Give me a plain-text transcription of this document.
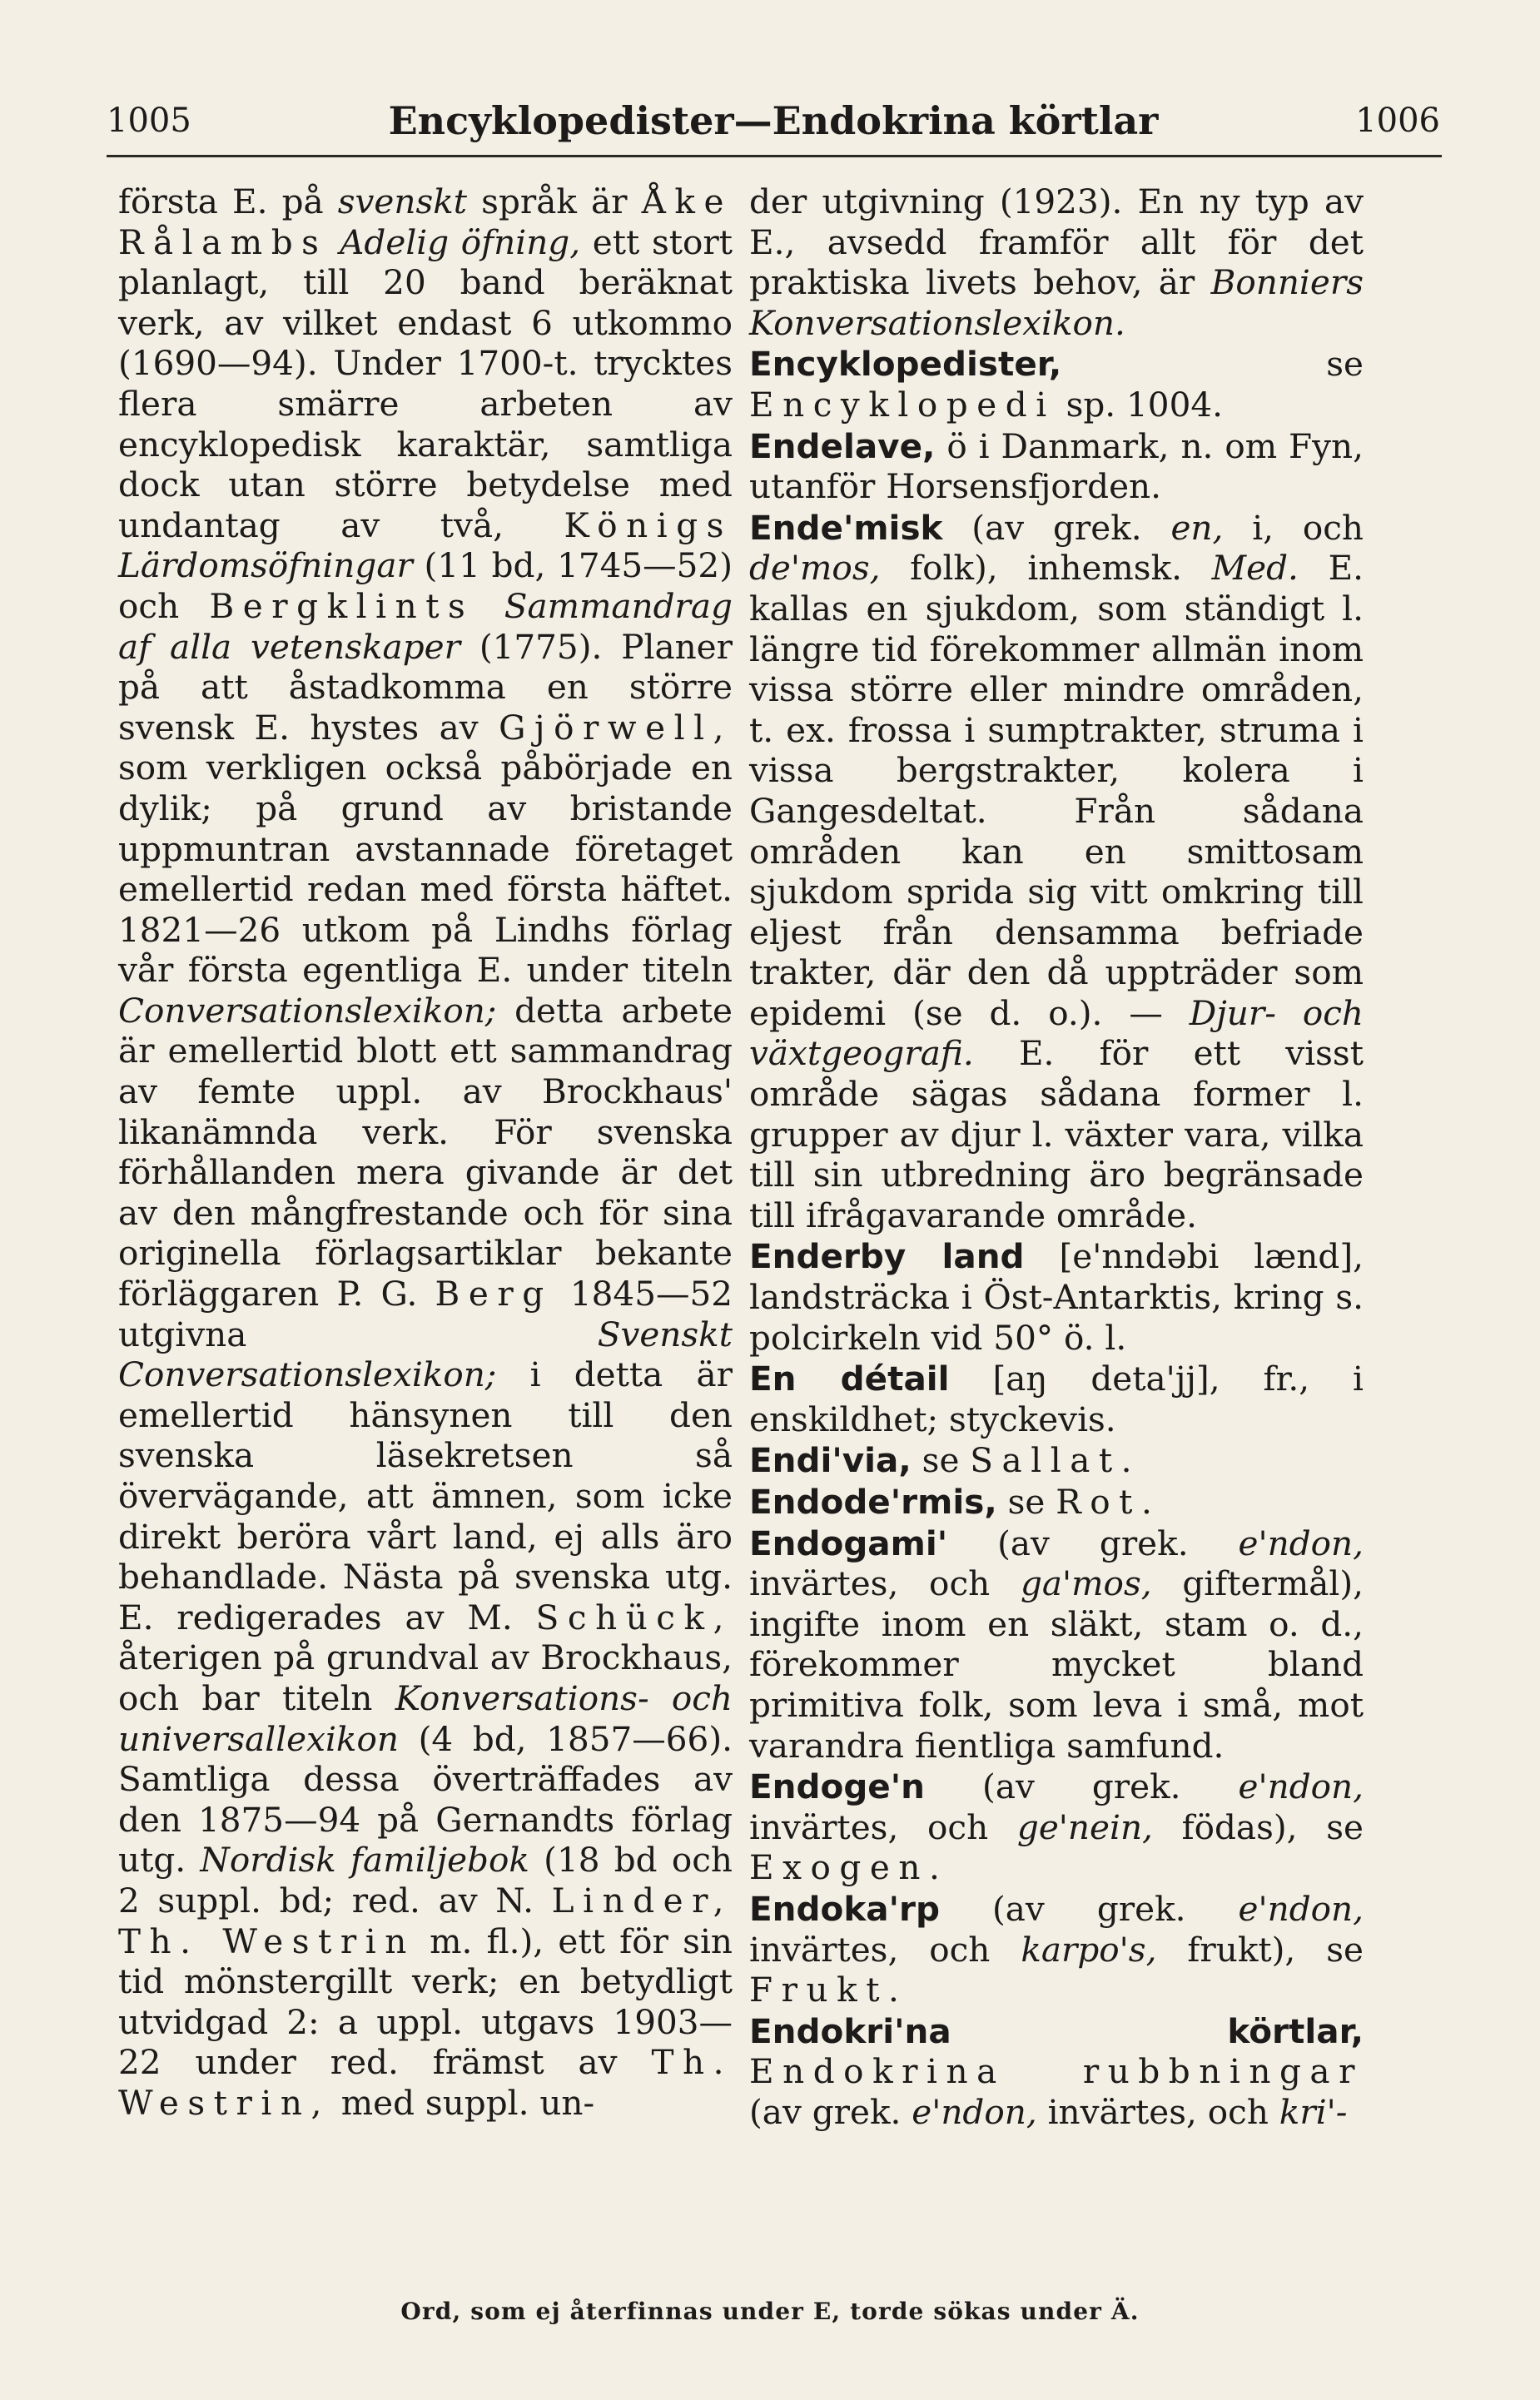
1005	Encyklopedister—Endokrina körtlar	1006

första E. på svenskt språk är Åke Rålambs Adelig öfning, ett stort planlagt, till 20 band beräknat verk, av vilket endast 6 utkommo (1690—94). Under 1700-t. trycktes flera smärre arbeten av encyklopedisk karaktär, samtliga dock utan större betydelse med undantag av två, Königs Lärdomsöfningar (11 bd, 1745—52) och Bergklints Sammandrag af alla vetenskaper (1775). Planer på att åstadkomma en större svensk E. hystes av Gjörwell, som verkligen också påbörjade en dylik; på grund av bristande uppmuntran avstannade företaget emellertid redan med första häftet. 1821—26 utkom på Lindhs förlag vår första egentliga E. under titeln Conversationslexikon; detta arbete är emellertid blott ett sammandrag av femte uppl. av Brockhaus' likanämnda verk. För svenska förhållanden mera givande är det av den mångfrestande och för sina originella förlagsartiklar bekante förläggaren P. G. Berg 1845—52 utgivna Svenskt Conversationslexikon; i detta är emellertid hänsynen till den svenska läsekretsen så övervägande, att ämnen, som icke direkt beröra vårt land, ej alls äro behandlade. Nästa på svenska utg. E. redigerades av M. Schück, återigen på grundval av Brockhaus, och bar titeln Konversations- och universallexikon (4 bd, 1857—66). Samtliga dessa överträffades av den 1875—94 på Gernandts förlag utg. Nordisk familjebok (18 bd och 2 suppl. bd; red. av N. Linder, Th. Westrin m. fl.), ett för sin tid mönstergillt verk; en betydligt utvidgad 2: a uppl. utgavs 1903—22 under red. främst av Th. Westrin, med suppl. un-

der utgivning (1923). En ny typ av E., avsedd framför allt för det praktiska livets behov, är Bonniers Konversationslexikon.

Encyklopedister, se Encyklopedi sp. 1004.

Endelave, ö i Danmark, n. om Fyn, utanför Horsensfjorden.

Ende'misk (av grek. en, i, och de'mos, folk), inhemsk. Med. E. kallas en sjukdom, som ständigt l. längre tid förekommer allmän inom vissa större eller mindre områden, t. ex. frossa i sumptrakter, struma i vissa bergstrakter, kolera i Gangesdeltat. Från sådana områden kan en smittosam sjukdom sprida sig vitt omkring till eljest från densamma befriade trakter, där den då uppträder som epidemi (se d. o.). — Djur- och växtgeografi. E. för ett visst område sägas sådana former l. grupper av djur l. växter vara, vilka till sin utbredning äro begränsade till ifrågavarande område.

Enderby land [e'nndəbi lænd], landsträcka i Öst-Antarktis, kring s. polcirkeln vid 50° ö. l.

En détail [aŋ deta'jj], fr., i enskildhet; styckevis.

Endi'via, se Sallat.

Endode'rmis, se Rot.

Endogami' (av grek. e'ndon, invärtes, och ga'mos, giftermål), ingifte inom en släkt, stam o. d., förekommer mycket bland primitiva folk, som leva i små, mot varandra fientliga samfund.

Endoge'n (av grek. e'ndon, invärtes, och ge'nein, födas), se Exogen.

Endoka'rp (av grek. e'ndon, invärtes, och karpo's, frukt), se Frukt.

Endokri'na körtlar, Endokrina rubbningar (av grek. e'ndon, invärtes, och kri'-

Ord, som ej återfinnas under E, torde sökas under Ä.
